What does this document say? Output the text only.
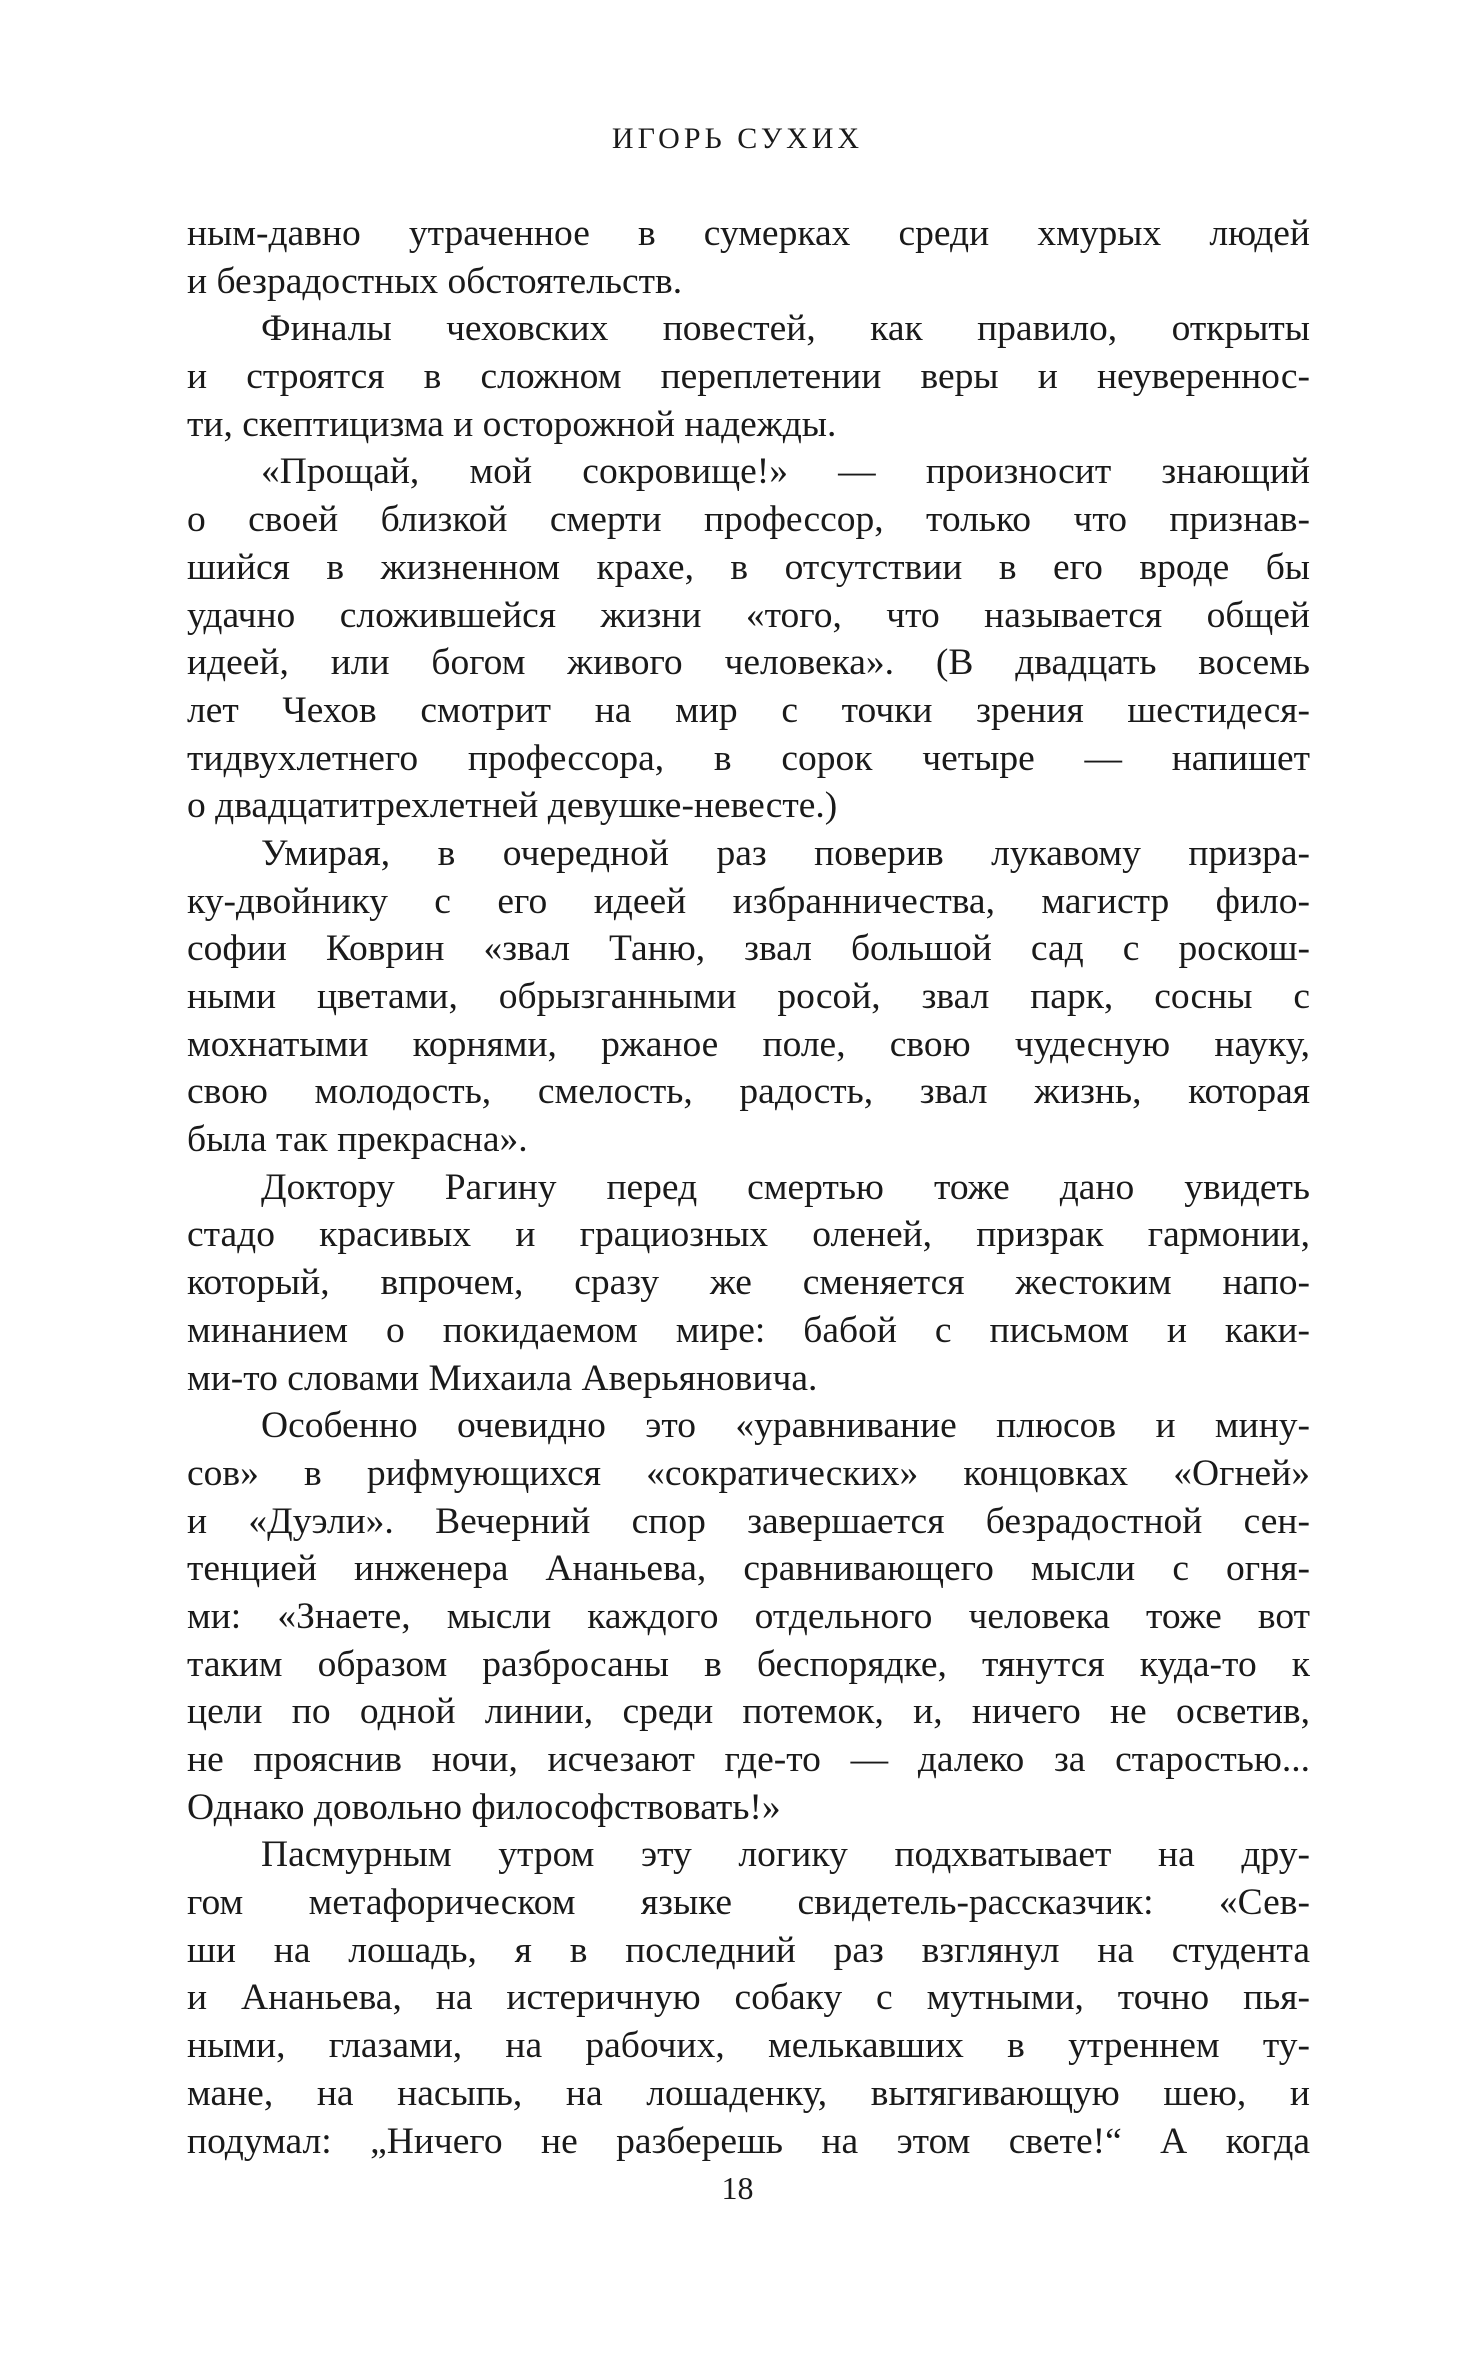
ИГОРЬ СУХИХ
ным-давно утраченное в сумерках среди хмурых людей
и безрадостных обстоятельств.
Финалы чеховских повестей, как правило, открыты
и строятся в сложном переплетении веры и неувереннос-
ти, скептицизма и осторожной надежды.
«Прощай, мой сокровище!» — произносит знающий
о своей близкой смерти профессор, только что признав-
шийся в жизненном крахе, в отсутствии в его вроде бы
удачно сложившейся жизни «того, что называется общей
идеей, или богом живого человека». (В двадцать восемь
лет Чехов смотрит на мир с точки зрения шестидеся-
тидвухлетнего профессора, в сорок четыре — напишет
о двадцатитрехлетней девушке-невесте.)
Умирая, в очередной раз поверив лукавому призра-
ку-двойнику с его идеей избранничества, магистр фило-
софии Коврин «звал Таню, звал большой сад с роскош-
ными цветами, обрызганными росой, звал парк, сосны с
мохнатыми корнями, ржаное поле, свою чудесную науку,
свою молодость, смелость, радость, звал жизнь, которая
была так прекрасна».
Доктору Рагину перед смертью тоже дано увидеть
стадо красивых и грациозных оленей, призрак гармонии,
который, впрочем, сразу же сменяется жестоким напо-
минанием о покидаемом мире: бабой с письмом и каки-
ми-то словами Михаила Аверьяновича.
Особенно очевидно это «уравнивание плюсов и мину-
сов» в рифмующихся «сократических» концовках «Огней»
и «Дуэли». Вечерний спор завершается безрадостной сен-
тенцией инженера Ананьева, сравнивающего мысли с огня-
ми: «Знаете, мысли каждого отдельного человека тоже вот
таким образом разбросаны в беспорядке, тянутся куда-то к
цели по одной линии, среди потемок, и, ничего не осветив,
не прояснив ночи, исчезают где-то — далеко за старостью...
Однако довольно философствовать!»
Пасмурным утром эту логику подхватывает на дру-
гом метафорическом языке свидетель-рассказчик: «Сев-
ши на лошадь, я в последний раз взглянул на студента
и Ананьева, на истеричную собаку с мутными, точно пья-
ными, глазами, на рабочих, мелькавших в утреннем ту-
мане, на насыпь, на лошаденку, вытягивающую шею, и
подумал: „Ничего не разберешь на этом свете!“ А когда
18
